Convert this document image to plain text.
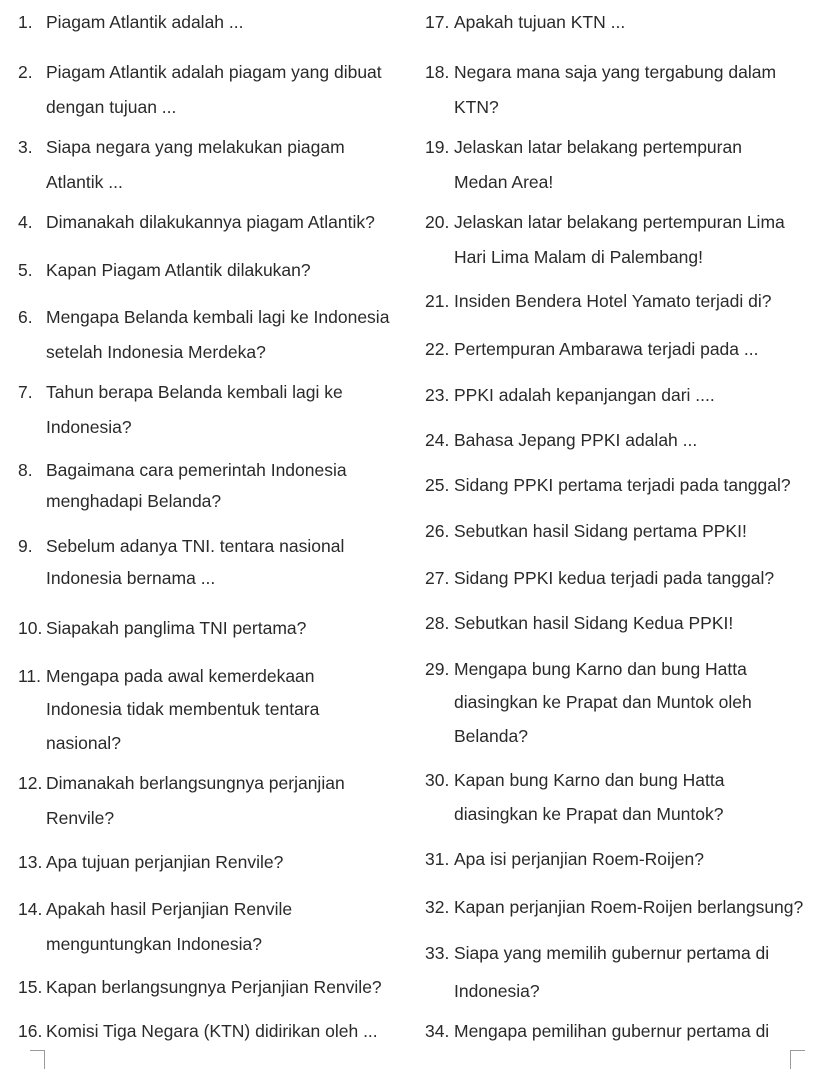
1. Piagam Atlantik adalah ...
2. Piagam Atlantik adalah piagam yang dibuat
dengan tujuan ...
3. Siapa negara yang melakukan piagam
Atlantik ...
4. Dimanakah dilakukannya piagam Atlantik?
5. Kapan Piagam Atlantik dilakukan?
6. Mengapa Belanda kembali lagi ke Indonesia
setelah Indonesia Merdeka?
7. Tahun berapa Belanda kembali lagi ke
Indonesia?
8. Bagaimana cara pemerintah Indonesia
menghadapi Belanda?
9. Sebelum adanya TNI. tentara nasional
Indonesia bernama ...
10. Siapakah panglima TNI pertama?
11. Mengapa pada awal kemerdekaan
Indonesia tidak membentuk tentara
nasional?
12. Dimanakah berlangsungnya perjanjian
Renvile?
13. Apa tujuan perjanjian Renvile?
14. Apakah hasil Perjanjian Renvile
menguntungkan Indonesia?
15. Kapan berlangsungnya Perjanjian Renvile?
16. Komisi Tiga Negara (KTN) didirikan oleh ...
17. Apakah tujuan KTN ...
18. Negara mana saja yang tergabung dalam
KTN?
19. Jelaskan latar belakang pertempuran
Medan Area!
20. Jelaskan latar belakang pertempuran Lima
Hari Lima Malam di Palembang!
21. Insiden Bendera Hotel Yamato terjadi di?
22. Pertempuran Ambarawa terjadi pada ...
23. PPKI adalah kepanjangan dari ....
24. Bahasa Jepang PPKI adalah ...
25. Sidang PPKI pertama terjadi pada tanggal?
26. Sebutkan hasil Sidang pertama PPKI!
27. Sidang PPKI kedua terjadi pada tanggal?
28. Sebutkan hasil Sidang Kedua PPKI!
29. Mengapa bung Karno dan bung Hatta
diasingkan ke Prapat dan Muntok oleh
Belanda?
30. Kapan bung Karno dan bung Hatta
diasingkan ke Prapat dan Muntok?
31. Apa isi perjanjian Roem-Roijen?
32. Kapan perjanjian Roem-Roijen berlangsung?
33. Siapa yang memilih gubernur pertama di
Indonesia?
34. Mengapa pemilihan gubernur pertama di
